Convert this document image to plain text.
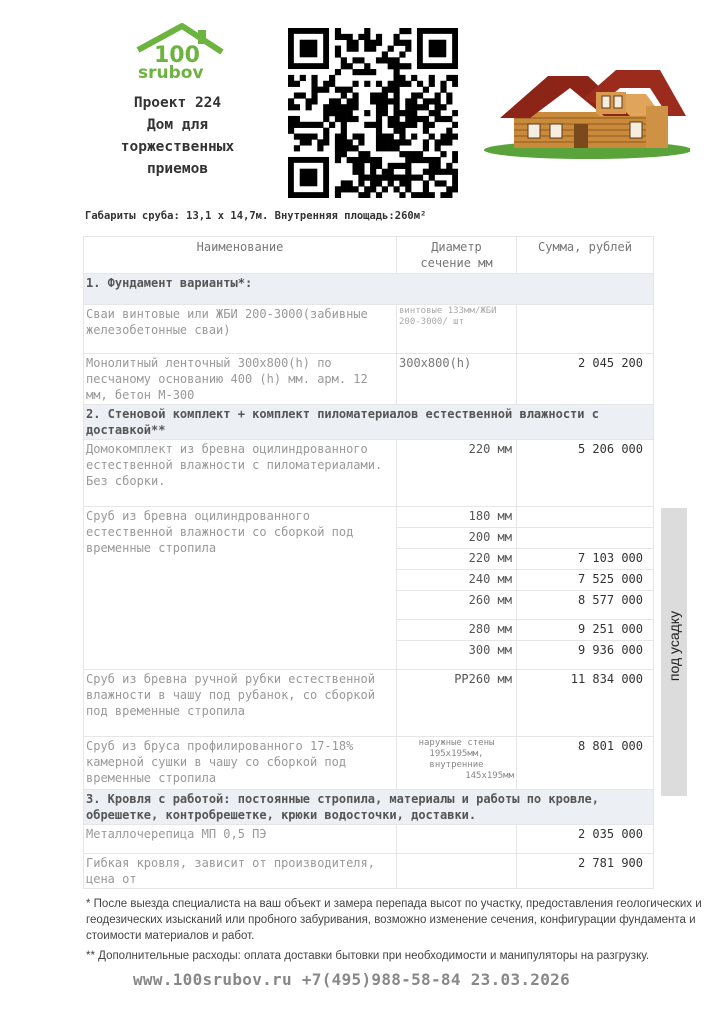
100
srubov
Проект 224
Дом для
торжественных
приемов
Габариты сруба: 13,1 х 14,7м. Внутренняя площадь:260м²
Наименование	Диаметр сечение мм	Сумма, рублей
1. Фундамент варианты*:		
Сваи винтовые или ЖБИ 200-3000(забивные железобетонные сваи)	винтовые 133мм/ЖБИ 200-3000/ шт	
Монолитный ленточный 300х800(h) по песчаному основанию 400 (h) мм. арм. 12 мм, бетон М-300	300х800(h)	2 045 200
2. Стеновой комплект + комплект пиломатериалов естественной влажности с доставкой**		
Домокомплект из бревна оцилиндрованного естественной влажности с пиломатериалами. Без сборки.	220 мм	5 206 000
Сруб из бревна оцилиндрованного естественной влажности со сборкой под временные стропила	180 мм	
	200 мм	
	220 мм	7 103 000
	240 мм	7 525 000
	260 мм	8 577 000
	280 мм	9 251 000
	300 мм	9 936 000
Сруб из бревна ручной рубки естественной влажности в чашу под рубанок, со сборкой под временные стропила	РР260 мм	11 834 000
Сруб из бруса профилированного 17-18% камерной сушки в чашу со сборкой под временные стропила	наружные стены
195х195мм,
внутренние
145х195мм	8 801 000
3. Кровля с работой: постоянные стропила, материалы и работы по кровле, обрешетке, контробрешетке, крюки водосточки, доставки.		
Металлочерепица МП 0,5 ПЭ		2 035 000
Гибкая кровля, зависит от производителя, цена от		2 781 900
под усадку
* После выезда специалиста на ваш объект и замера перепада высот по участку, предоставления геологических и геодезических изысканий или пробного забуривания, возможно изменение сечения, конфигурации фундамента и стоимости материалов и работ.
** Дополнительные расходы: оплата доставки бытовки при необходимости и манипуляторы на разгрузку.
www.100srubov.ru +7(495)988-58-84 23.03.2026
